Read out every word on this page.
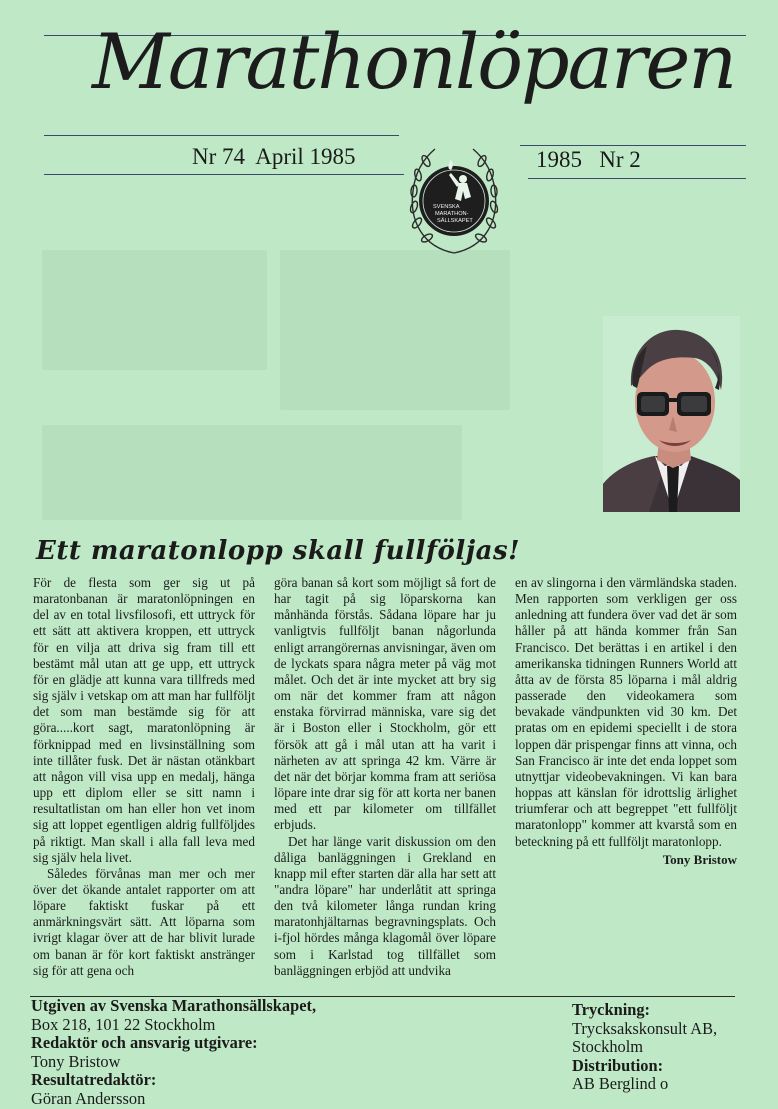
Marathonlöparen
Nr 74  April 1985	1985   Nr 2
SVENSKA
MARATHON-
SÄLLSKAPET
Ett maratonlopp skall fullföljas!

För de flesta som ger sig ut på maratonbanan är maratonlöpningen en del av en total livsfilosofi, ett uttryck för ett sätt att aktivera kroppen, ett uttryck för en vilja att driva sig fram till ett bestämt mål utan att ge upp, ett uttryck för en glädje att kunna vara tillfreds med sig själv i vetskap om att man har fullföljt det som man bestämde sig för att göra.....kort sagt, maratonlöpning är förknippad med en livsinställning som inte tillåter fusk. Det är nästan otänkbart att någon vill visa upp en medalj, hänga upp ett diplom eller se sitt namn i resultatlistan om han eller hon vet inom sig att loppet egentligen aldrig fullföljdes på riktigt. Man skall i alla fall leva med sig själv hela livet.

Således förvånas man mer och mer över det ökande antalet rapporter om att löpare faktiskt fuskar på ett anmärkningsvärt sätt. Att löparna som ivrigt klagar över att de har blivit lurade om banan är för kort faktiskt anstränger sig för att gena och

göra banan så kort som möjligt så fort de har tagit på sig löparskorna kan månhända förstås. Sådana löpare har ju vanligtvis fullföljt banan någorlunda enligt arrangörernas anvisningar, även om de lyckats spara några meter på väg mot målet. Och det är inte mycket att bry sig om när det kommer fram att någon enstaka förvirrad människa, vare sig det är i Boston eller i Stockholm, gör ett försök att gå i mål utan att ha varit i närheten av att springa 42 km. Värre är det när det börjar komma fram att seriösa löpare inte drar sig för att korta ner banen med ett par kilometer om tillfället erbjuds.

Det har länge varit diskussion om den dåliga banläggningen i Grekland en knapp mil efter starten där alla har sett att "andra löpare" har underlåtit att springa den två kilometer långa rundan kring maratonhjältarnas begravningsplats. Och i-fjol hördes många klagomål över löpare som i Karlstad tog tillfället som banläggningen erbjöd att undvika

en av slingorna i den värmländska staden. Men rapporten som verkligen ger oss anledning att fundera över vad det är som håller på att hända kommer från San Francisco. Det berättas i en artikel i den amerikanska tidningen Runners World att åtta av de första 85 löparna i mål aldrig passerade den videokamera som bevakade vändpunkten vid 30 km. Det pratas om en epidemi speciellt i de stora loppen där prispengar finns att vinna, och San Francisco är inte det enda loppet som utnyttjar videobevakningen. Vi kan bara hoppas att känslan för idrottslig ärlighet triumferar och att begreppet "ett fullföljt maratonlopp" kommer att kvarstå som en beteckning på ett fullföljt maratonlopp.

Tony Bristow
Utgiven av Svenska Marathonsällskapet,
Box 218, 101 22 Stockholm
Redaktör och ansvarig utgivare:
Tony Bristow
Resultatredaktör:
Göran Andersson
Tryckning:
Trycksakskonsult AB,
Stockholm
Distribution:
AB Berglind o
